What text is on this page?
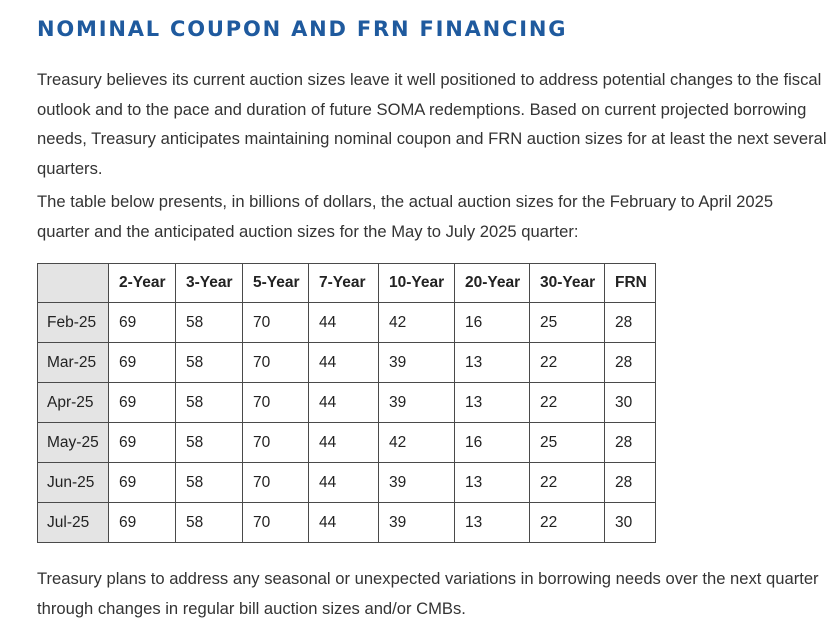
NOMINAL COUPON AND FRN FINANCING

Treasury believes its current auction sizes leave it well positioned to address potential changes to the fiscal outlook and to the pace and duration of future SOMA redemptions. Based on current projected borrowing needs, Treasury anticipates maintaining nominal coupon and FRN auction sizes for at least the next several quarters.

The table below presents, in billions of dollars, the actual auction sizes for the February to April 2025 quarter and the anticipated auction sizes for the May to July 2025 quarter:

	2-Year	3-Year	5-Year	7-Year	10-Year	20-Year	30-Year	FRN
Feb-25	69	58	70	44	42	16	25	28
Mar-25	69	58	70	44	39	13	22	28
Apr-25	69	58	70	44	39	13	22	30
May-25	69	58	70	44	42	16	25	28
Jun-25	69	58	70	44	39	13	22	28
Jul-25	69	58	70	44	39	13	22	30

Treasury plans to address any seasonal or unexpected variations in borrowing needs over the next quarter through changes in regular bill auction sizes and/or CMBs.
